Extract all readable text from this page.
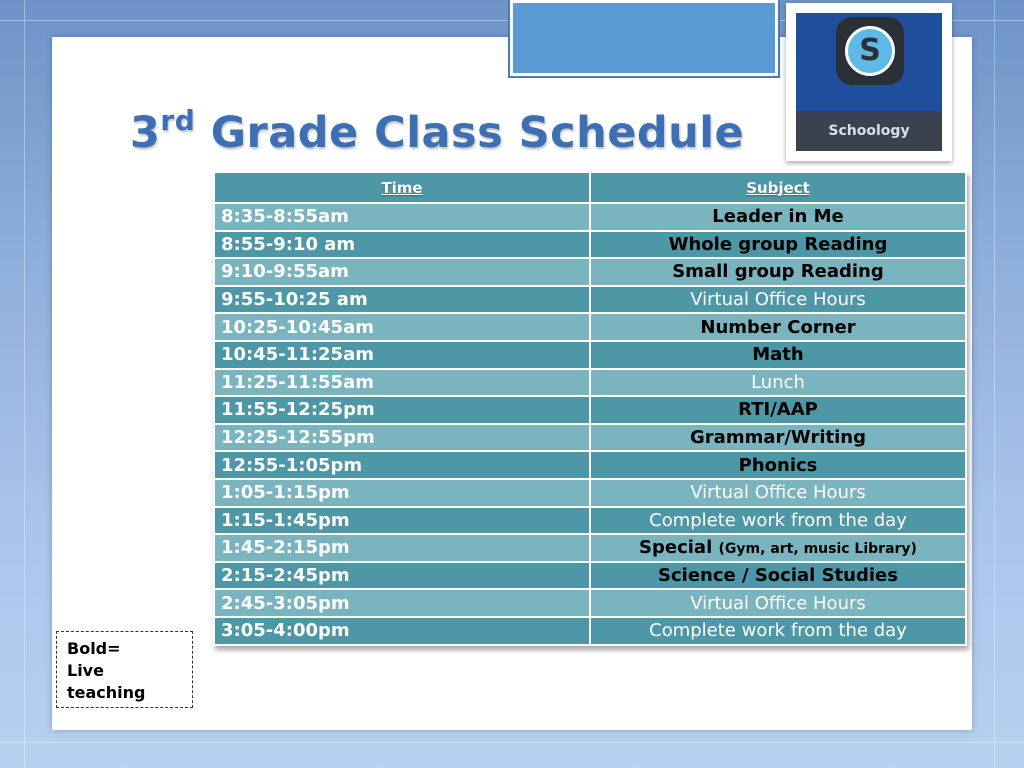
3rd Grade Class Schedule
S
Schoology
Time	Subject
8:35-8:55am	Leader in Me
8:55-9:10 am	Whole group Reading
9:10-9:55am	Small group Reading
9:55-10:25 am	Virtual Office Hours
10:25-10:45am	Number Corner
10:45-11:25am	Math
11:25-11:55am	Lunch
11:55-12:25pm	RTI/AAP
12:25-12:55pm	Grammar/Writing
12:55-1:05pm	Phonics
1:05-1:15pm	Virtual Office Hours
1:15-1:45pm	Complete work from the day
1:45-2:15pm	Special (Gym, art, music Library)
2:15-2:45pm	Science / Social Studies
2:45-3:05pm	Virtual Office Hours
3:05-4:00pm	Complete work from the day
Bold=
Live
teaching
